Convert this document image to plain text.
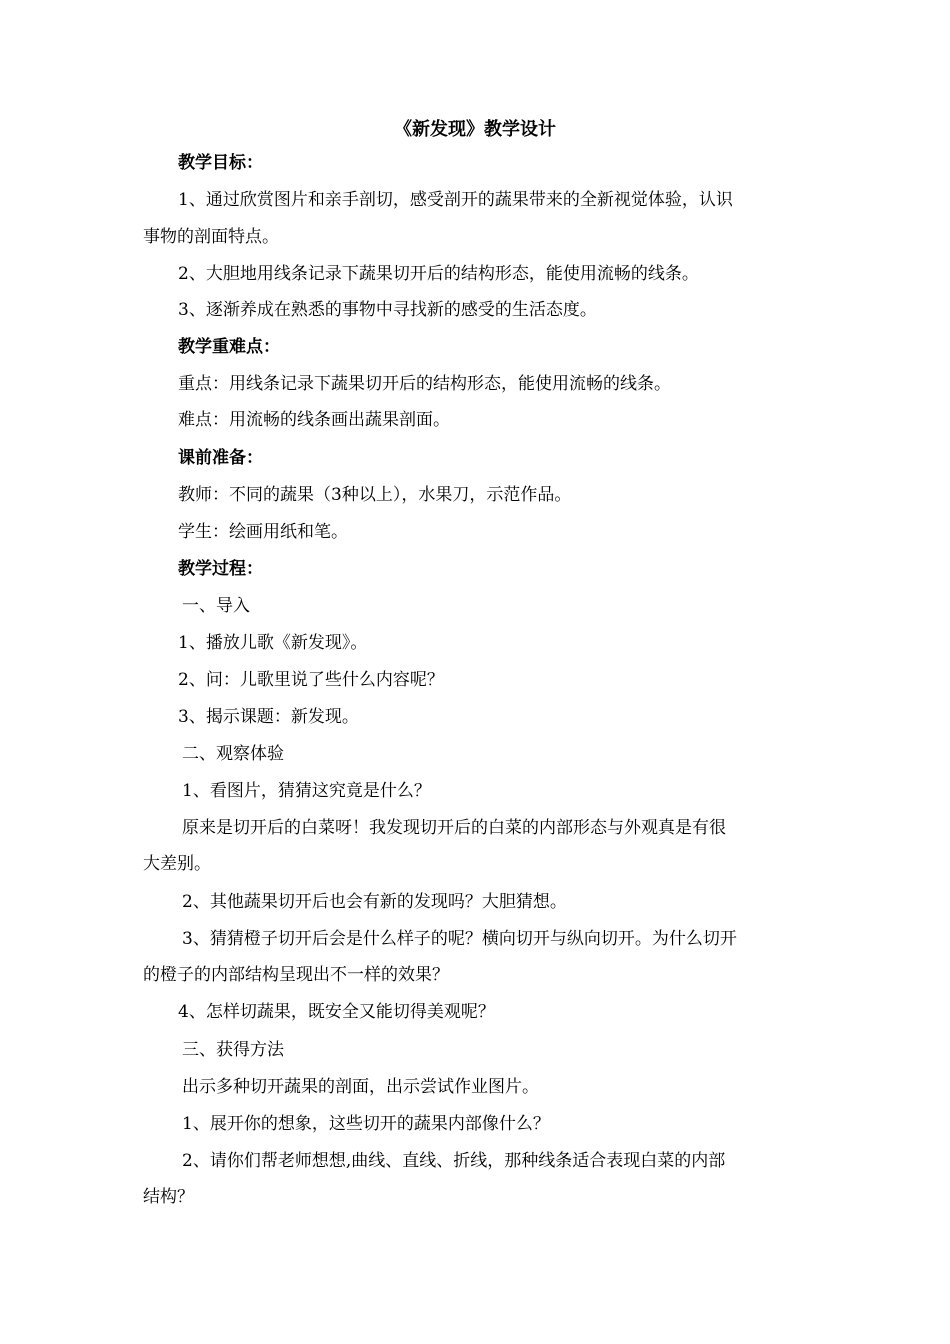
《新发现》教学设计
教学目标：
1、通过欣赏图片和亲手剖切，感受剖开的蔬果带来的全新视觉体验，认识
事物的剖面特点。
2、大胆地用线条记录下蔬果切开后的结构形态，能使用流畅的线条。
3、逐渐养成在熟悉的事物中寻找新的感受的生活态度。
教学重难点：
重点：用线条记录下蔬果切开后的结构形态，能使用流畅的线条。
难点：用流畅的线条画出蔬果剖面。
课前准备：
教师：不同的蔬果（3种以上），水果刀，示范作品。
学生：绘画用纸和笔。
教学过程：
一、导入
1、播放儿歌《新发现》。
2、问：儿歌里说了些什么内容呢？
3、揭示课题：新发现。
二、观察体验
1、看图片，猜猜这究竟是什么？
原来是切开后的白菜呀！我发现切开后的白菜的内部形态与外观真是有很
大差别。
2、其他蔬果切开后也会有新的发现吗？大胆猜想。
3、猜猜橙子切开后会是什么样子的呢？横向切开与纵向切开。为什么切开
的橙子的内部结构呈现出不一样的效果？
4、怎样切蔬果，既安全又能切得美观呢？
三、获得方法
出示多种切开蔬果的剖面，出示尝试作业图片。
1、展开你的想象，这些切开的蔬果内部像什么？
2、请你们帮老师想想,曲线、直线、折线，那种线条适合表现白菜的内部
结构？
